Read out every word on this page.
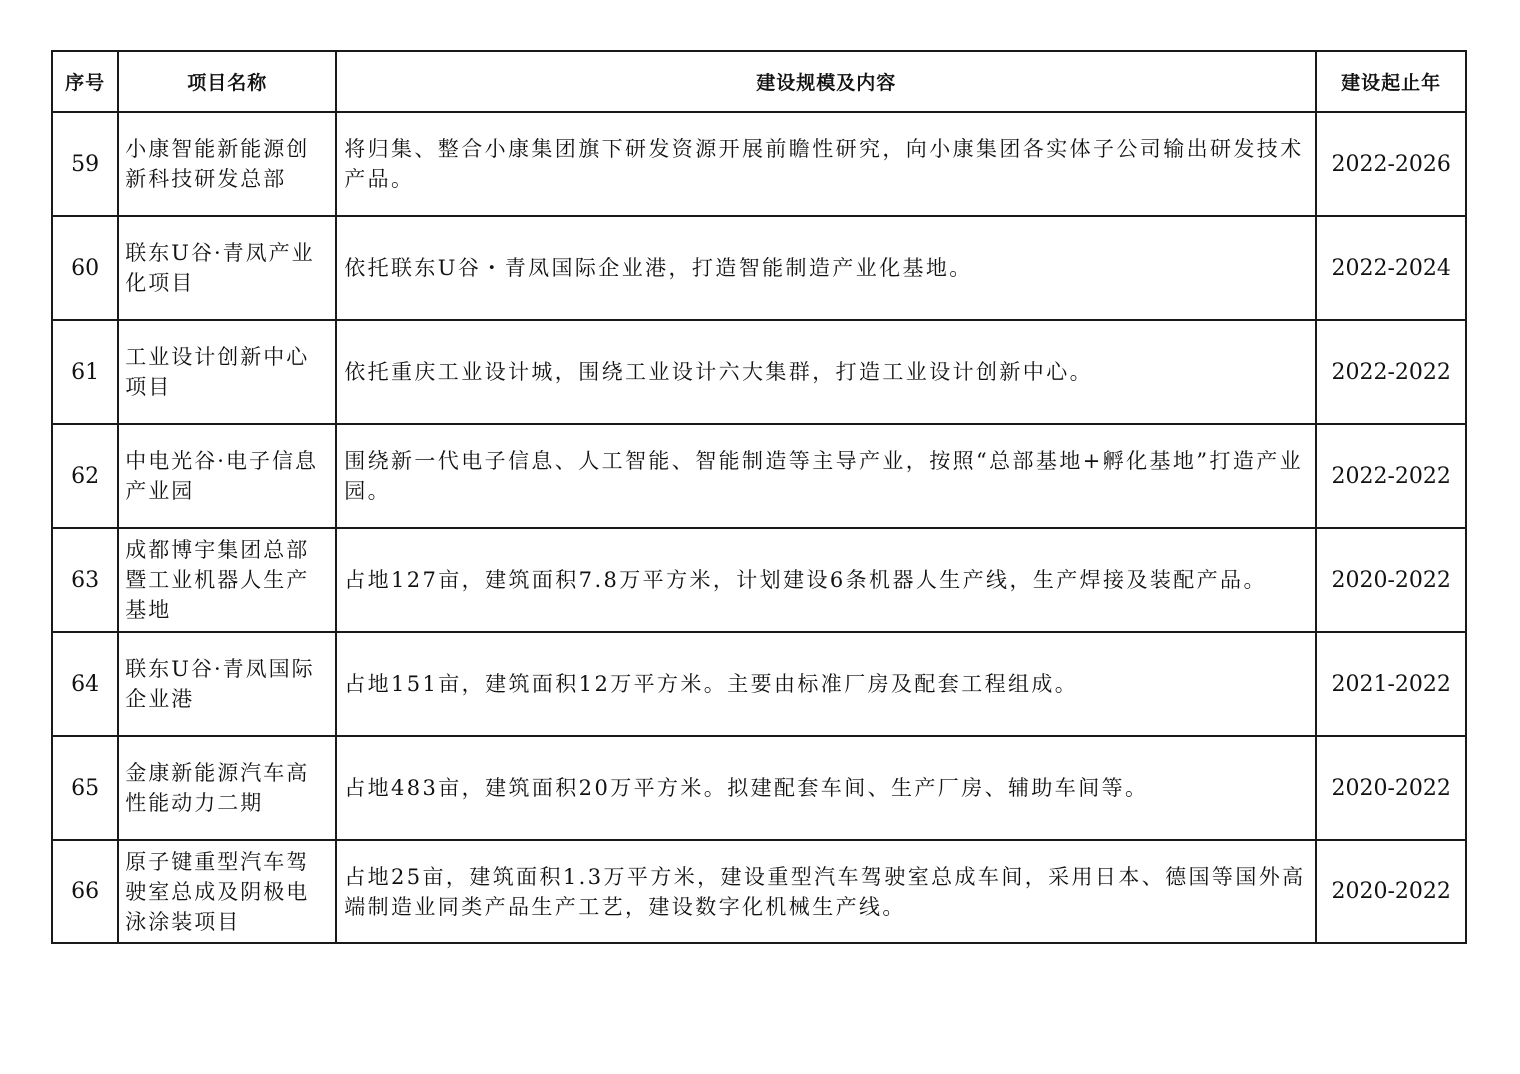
序号	项目名称	建设规模及内容	建设起止年
59	小康智能新能源创新科技研发总部	将归集、整合小康集团旗下研发资源开展前瞻性研究，向小康集团各实体子公司输出研发技术产品。	2022-2026
60	联东U谷·青凤产业化项目	依托联东U谷・青凤国际企业港，打造智能制造产业化基地。	2022-2024
61	工业设计创新中心项目	依托重庆工业设计城，围绕工业设计六大集群，打造工业设计创新中心。	2022-2022
62	中电光谷·电子信息产业园	围绕新一代电子信息、人工智能、智能制造等主导产业，按照“总部基地+孵化基地”打造产业园。	2022-2022
63	成都博宇集团总部暨工业机器人生产基地	占地127亩，建筑面积7.8万平方米，计划建设6条机器人生产线，生产焊接及装配产品。	2020-2022
64	联东U谷·青凤国际企业港	占地151亩，建筑面积12万平方米。主要由标准厂房及配套工程组成。	2021-2022
65	金康新能源汽车高性能动力二期	占地483亩，建筑面积20万平方米。拟建配套车间、生产厂房、辅助车间等。	2020-2022
66	原子键重型汽车驾驶室总成及阴极电泳涂装项目	占地25亩，建筑面积1.3万平方米，建设重型汽车驾驶室总成车间，采用日本、德国等国外高端制造业同类产品生产工艺，建设数字化机械生产线。	2020-2022
